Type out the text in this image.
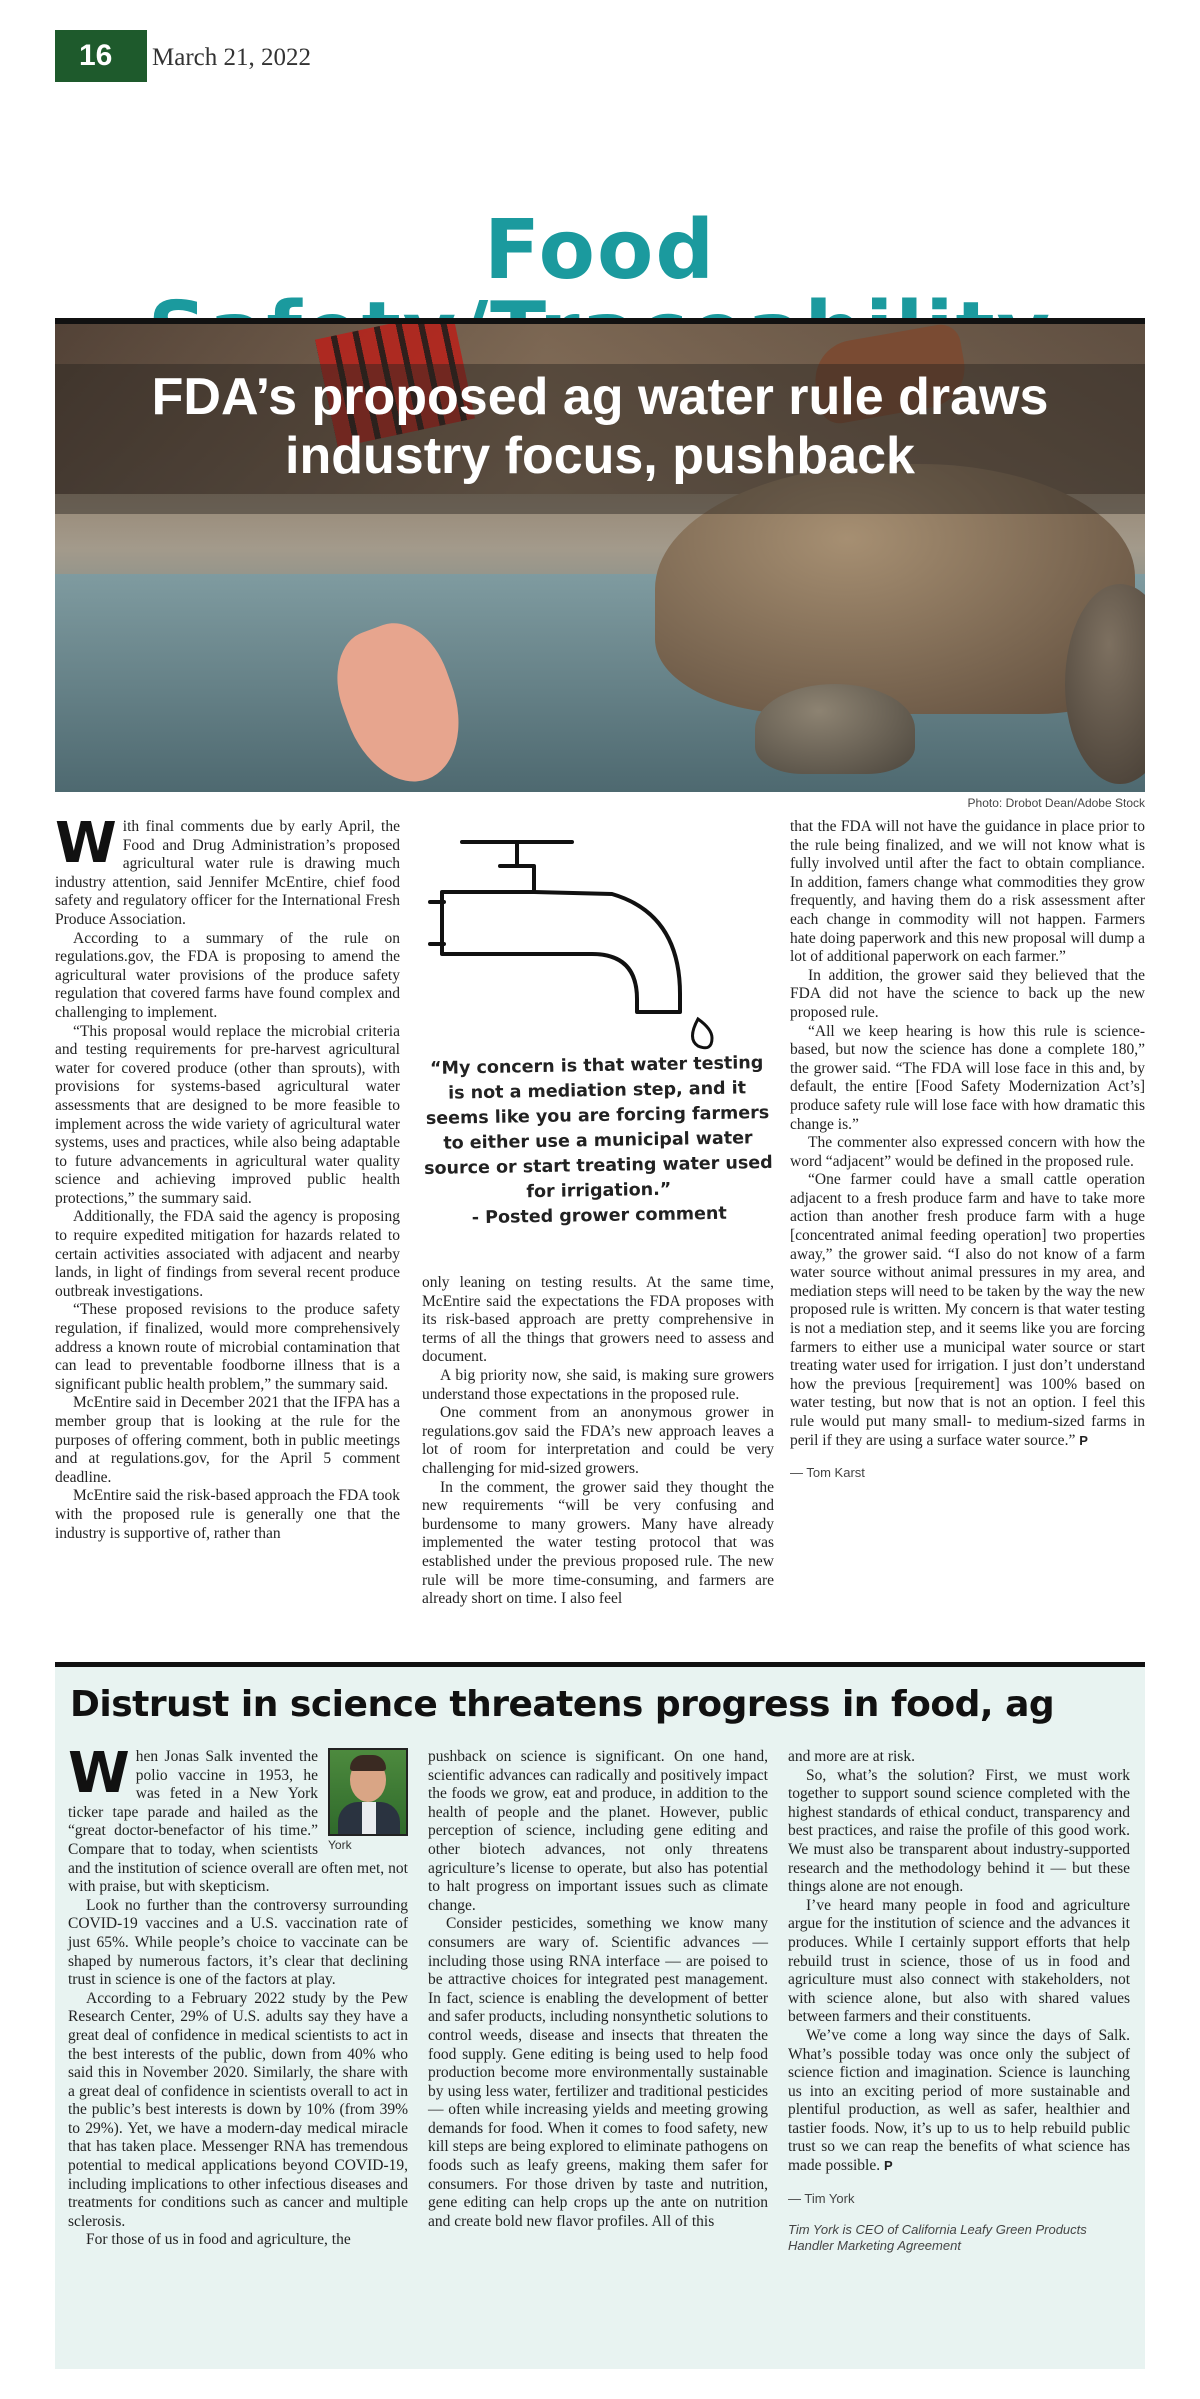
16	March 21, 2022
Food
FDA’s proposed ag water rule draws industry focus, pushback
Photo: Drobot Dean/Adobe Stock
W ith final comments due by early April, the Food and Drug Administration’s proposed agricultural water rule is drawing much industry attention, said Jennifer McEntire, chief food safety and regulatory officer for the International Fresh Produce Association.

According to a summary of the rule on regulations.gov, the FDA is proposing to amend the agricultural water provisions of the produce safety regulation that covered farms have found complex and challenging to implement.

“This proposal would replace the microbial criteria and testing requirements for pre-harvest agricultural water for covered produce (other than sprouts), with provisions for systems-based agricultural water assessments that are designed to be more feasible to implement across the wide variety of agricultural water systems, uses and practices, while also being adaptable to future advancements in agricultural water quality science and achieving improved public health protections,” the summary said.

Additionally, the FDA said the agency is proposing to require expedited mitigation for hazards related to certain activities associated with adjacent and nearby lands, in light of findings from several recent produce outbreak investigations.

“These proposed revisions to the produce safety regulation, if finalized, would more comprehensively address a known route of microbial contamination that can lead to preventable foodborne illness that is a significant public health problem,” the summary said.

McEntire said in December 2021 that the IFPA has a member group that is looking at the rule for the purposes of offering comment, both in public meetings and at regulations.gov, for the April 5 comment deadline.

McEntire said the risk-based approach the FDA took with the proposed rule is generally one that the industry is supportive of, rather than

“My concern is that water testing is not a mediation step, and it seems like you are forcing farmers to either use a municipal water source or start treating water used for irrigation.”
- Posted grower comment

only leaning on testing results. At the same time, McEntire said the expectations the FDA proposes with its risk-based approach are pretty comprehensive in terms of all the things that growers need to assess and document.

A big priority now, she said, is making sure growers understand those expectations in the proposed rule.

One comment from an anonymous grower in regulations.gov said the FDA’s new approach leaves a lot of room for interpretation and could be very challenging for mid-sized growers.

In the comment, the grower said they thought the new requirements “will be very confusing and burdensome to many growers. Many have already implemented the water testing protocol that was established under the previous proposed rule. The new rule will be more time-consuming, and farmers are already short on time. I also feel

that the FDA will not have the guidance in place prior to the rule being finalized, and we will not know what is fully involved until after the fact to obtain compliance. In addition, famers change what commodities they grow frequently, and having them do a risk assessment after each change in commodity will not happen. Farmers hate doing paperwork and this new proposal will dump a lot of additional paperwork on each farmer.”

In addition, the grower said they believed that the FDA did not have the science to back up the new proposed rule.

“All we keep hearing is how this rule is science-based, but now the science has done a complete 180,” the grower said. “The FDA will lose face in this and, by default, the entire [Food Safety Modernization Act’s] produce safety rule will lose face with how dramatic this change is.”

The commenter also expressed concern with how the word “adjacent” would be defined in the proposed rule.

“One farmer could have a small cattle operation adjacent to a fresh produce farm and have to take more action than another fresh produce farm with a huge [concentrated animal feeding operation] two properties away,” the grower said. “I also do not know of a farm water source without animal pressures in my area, and mediation steps will need to be taken by the way the new proposed rule is written. My concern is that water testing is not a mediation step, and it seems like you are forcing farmers to either use a municipal water source or start treating water used for irrigation. I just don’t understand how the previous [requirement] was 100% based on water testing, but now that is not an option. I feel this rule would put many small- to medium-sized farms in peril if they are using a surface water source.” P

— Tom Karst
Distrust in science threatens progress in food, ag
York
W hen Jonas Salk invented the polio vaccine in 1953, he was feted in a New York ticker tape parade and hailed as the “great doctor-benefactor of his time.” Compare that to today, when scientists and the institution of science overall are often met, not with praise, but with skepticism.

Look no further than the controversy surrounding COVID-19 vaccines and a U.S. vaccination rate of just 65%. While people’s choice to vaccinate can be shaped by numerous factors, it’s clear that declining trust in science is one of the factors at play.

According to a February 2022 study by the Pew Research Center, 29% of U.S. adults say they have a great deal of confidence in medical scientists to act in the best interests of the public, down from 40% who said this in November 2020. Similarly, the share with a great deal of confidence in scientists overall to act in the public’s best interests is down by 10% (from 39% to 29%). Yet, we have a modern-day medical miracle that has taken place. Messenger RNA has tremendous potential to medical applications beyond COVID-19, including implications to other infectious diseases and treatments for conditions such as cancer and multiple sclerosis.

For those of us in food and agriculture, the

pushback on science is significant. On one hand, scientific advances can radically and positively impact the foods we grow, eat and produce, in addition to the health of people and the planet. However, public perception of science, including gene editing and other biotech advances, not only threatens agriculture’s license to operate, but also has potential to halt progress on important issues such as climate change.

Consider pesticides, something we know many consumers are wary of. Scientific advances — including those using RNA interface — are poised to be attractive choices for integrated pest management. In fact, science is enabling the development of better and safer products, including nonsynthetic solutions to control weeds, disease and insects that threaten the food supply. Gene editing is being used to help food production become more environmentally sustainable by using less water, fertilizer and traditional pesticides — often while increasing yields and meeting growing demands for food. When it comes to food safety, new kill steps are being explored to eliminate pathogens on foods such as leafy greens, making them safer for consumers. For those driven by taste and nutrition, gene editing can help crops up the ante on nutrition and create bold new flavor profiles. All of this

and more are at risk.

So, what’s the solution? First, we must work together to support sound science completed with the highest standards of ethical conduct, transparency and best practices, and raise the profile of this good work. We must also be transparent about industry-supported research and the methodology behind it — but these things alone are not enough.

I’ve heard many people in food and agriculture argue for the institution of science and the advances it produces. While I certainly support efforts that help rebuild trust in science, those of us in food and agriculture must also connect with stakeholders, not with science alone, but also with shared values between farmers and their constituents.

We’ve come a long way since the days of Salk. What’s possible today was once only the subject of science fiction and imagination. Science is launching us into an exciting period of more sustainable and plentiful production, as well as safer, healthier and tastier foods. Now, it’s up to us to help rebuild public trust so we can reap the benefits of what science has made possible. P

— Tim York
Tim York is CEO of California Leafy Green Products Handler Marketing Agreement
